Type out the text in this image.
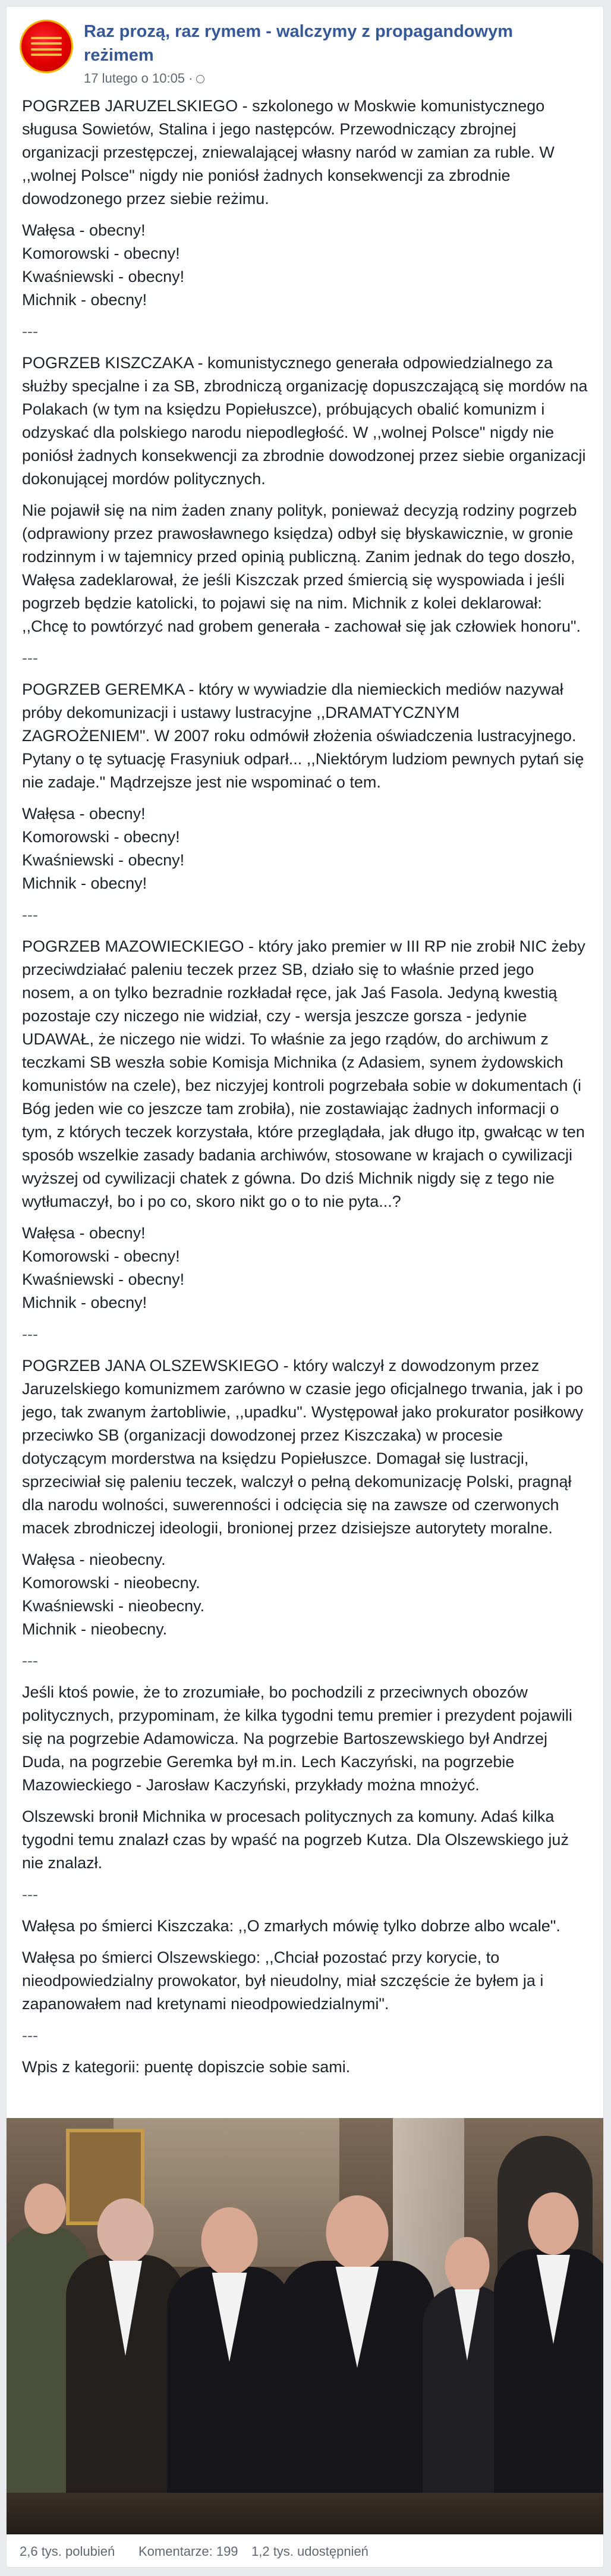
Raz prozą, raz rymem - walczymy z propagandowym reżimem
17 lutego o 10:05 ·

POGRZEB JARUZELSKIEGO - szkolonego w Moskwie komunistycznego sługusa Sowietów, Stalina i jego następców. Przewodniczący zbrojnej organizacji przestępczej, zniewalającej własny naród w zamian za ruble. W ,,wolnej Polsce" nigdy nie poniósł żadnych konsekwencji za zbrodnie dowodzonego przez siebie reżimu.

Wałęsa - obecny!
Komorowski - obecny!
Kwaśniewski - obecny!
Michnik - obecny!

---

POGRZEB KISZCZAKA - komunistycznego generała odpowiedzialnego za służby specjalne i za SB, zbrodniczą organizację dopuszczającą się mordów na Polakach (w tym na księdzu Popiełuszce), próbujących obalić komunizm i odzyskać dla polskiego narodu niepodległość. W ,,wolnej Polsce" nigdy nie poniósł żadnych konsekwencji za zbrodnie dowodzonej przez siebie organizacji dokonującej mordów politycznych.

Nie pojawił się na nim żaden znany polityk, ponieważ decyzją rodziny pogrzeb (odprawiony przez prawosławnego księdza) odbył się błyskawicznie, w gronie rodzinnym i w tajemnicy przed opinią publiczną. Zanim jednak do tego doszło, Wałęsa zadeklarował, że jeśli Kiszczak przed śmiercią się wyspowiada i jeśli pogrzeb będzie katolicki, to pojawi się na nim. Michnik z kolei deklarował: ,,Chcę to powtórzyć nad grobem generała - zachował się jak człowiek honoru".

---

POGRZEB GEREMKA - który w wywiadzie dla niemieckich mediów nazywał próby dekomunizacji i ustawy lustracyjne ,,DRAMATYCZNYM ZAGROŻENIEM". W 2007 roku odmówił złożenia oświadczenia lustracyjnego. Pytany o tę sytuację Frasyniuk odparł... ,,Niektórym ludziom pewnych pytań się nie zadaje." Mądrzejsze jest nie wspominać o tem.

Wałęsa - obecny!
Komorowski - obecny!
Kwaśniewski - obecny!
Michnik - obecny!

---

POGRZEB MAZOWIECKIEGO - który jako premier w III RP nie zrobił NIC żeby przeciwdziałać paleniu teczek przez SB, działo się to właśnie przed jego nosem, a on tylko bezradnie rozkładał ręce, jak Jaś Fasola. Jedyną kwestią pozostaje czy niczego nie widział, czy - wersja jeszcze gorsza - jedynie UDAWAŁ, że niczego nie widzi. To właśnie za jego rządów, do archiwum z teczkami SB weszła sobie Komisja Michnika (z Adasiem, synem żydowskich komunistów na czele), bez niczyjej kontroli pogrzebała sobie w dokumentach (i Bóg jeden wie co jeszcze tam zrobiła), nie zostawiając żadnych informacji o tym, z których teczek korzystała, które przeglądała, jak długo itp, gwałcąc w ten sposób wszelkie zasady badania archiwów, stosowane w krajach o cywilizacji wyższej od cywilizacji chatek z gówna. Do dziś Michnik nigdy się z tego nie wytłumaczył, bo i po co, skoro nikt go o to nie pyta...?

Wałęsa - obecny!
Komorowski - obecny!
Kwaśniewski - obecny!
Michnik - obecny!

---

POGRZEB JANA OLSZEWSKIEGO - który walczył z dowodzonym przez Jaruzelskiego komunizmem zarówno w czasie jego oficjalnego trwania, jak i po jego, tak zwanym żartobliwie, ,,upadku". Występował jako prokurator posiłkowy przeciwko SB (organizacji dowodzonej przez Kiszczaka) w procesie dotyczącym morderstwa na księdzu Popiełuszce. Domagał się lustracji, sprzeciwiał się paleniu teczek, walczył o pełną dekomunizację Polski, pragnął dla narodu wolności, suwerenności i odcięcia się na zawsze od czerwonych macek zbrodniczej ideologii, bronionej przez dzisiejsze autorytety moralne.

Wałęsa - nieobecny.
Komorowski - nieobecny.
Kwaśniewski - nieobecny.
Michnik - nieobecny.

---

Jeśli ktoś powie, że to zrozumiałe, bo pochodzili z przeciwnych obozów politycznych, przypominam, że kilka tygodni temu premier i prezydent pojawili się na pogrzebie Adamowicza. Na pogrzebie Bartoszewskiego był Andrzej Duda, na pogrzebie Geremka był m.in. Lech Kaczyński, na pogrzebie Mazowieckiego - Jarosław Kaczyński, przykłady można mnożyć.

Olszewski bronił Michnika w procesach politycznych za komuny. Adaś kilka tygodni temu znalazł czas by wpaść na pogrzeb Kutza. Dla Olszewskiego już nie znalazł.

---

Wałęsa po śmierci Kiszczaka: ,,O zmarłych mówię tylko dobrze albo wcale".

Wałęsa po śmierci Olszewskiego: ,,Chciał pozostać przy korycie, to nieodpowiedzialny prowokator, był nieudolny, miał szczęście że byłem ja i zapanowałem nad kretynami nieodpowiedzialnymi".

---

Wpis z kategorii: puentę dopiszcie sobie sami.

2,6 tys. polubień Komentarze: 199 1,2 tys. udostępnień
